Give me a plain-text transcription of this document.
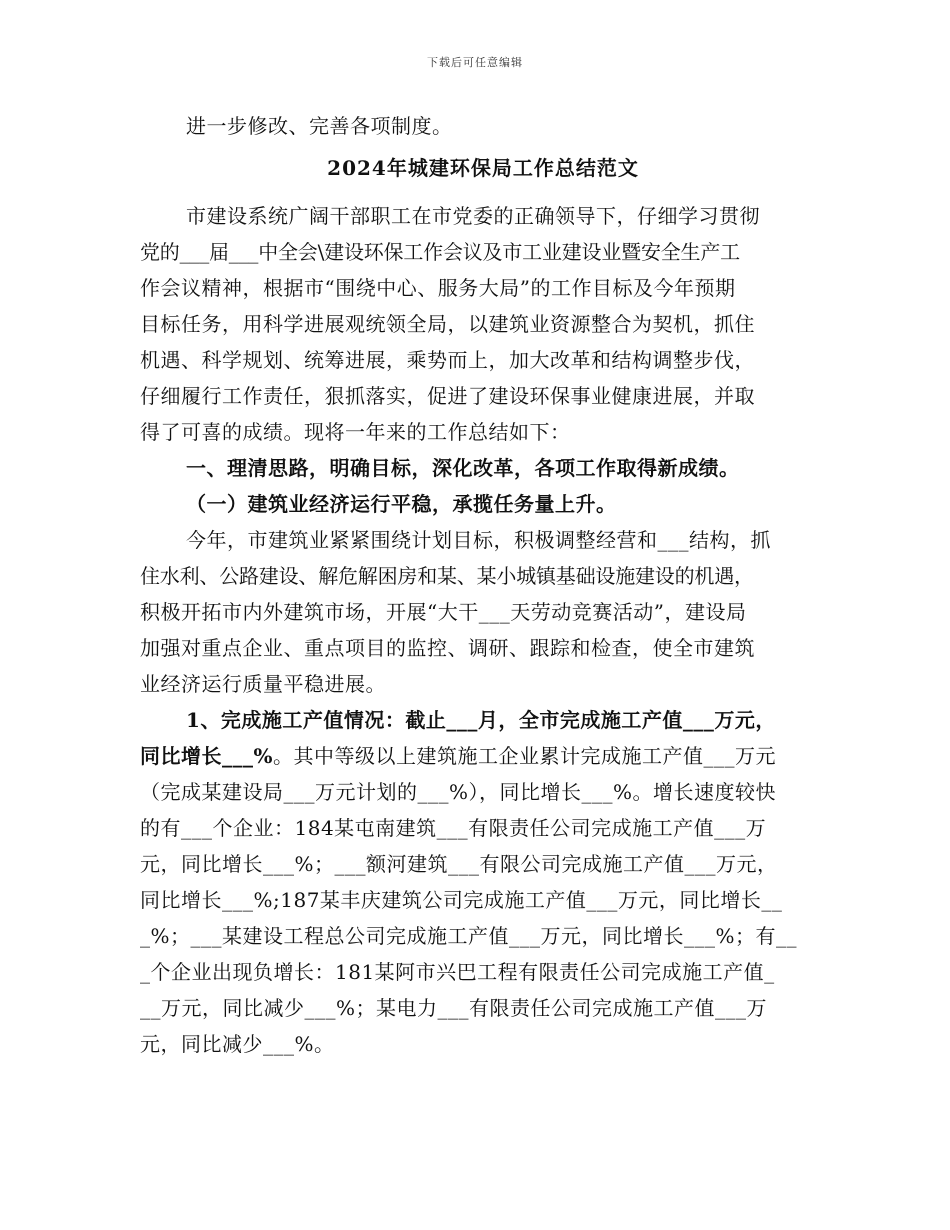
下载后可任意编辑
进一步修改、完善各项制度。
2024年城建环保局工作总结范文
市建设系统广阔干部职工在市党委的正确领导下，仔细学习贯彻
党的___届___中全会\建设环保工作会议及市工业建设业暨安全生产工
作会议精神，根据市“围绕中心、服务大局”的工作目标及今年预期
目标任务，用科学进展观统领全局，以建筑业资源整合为契机，抓住
机遇、科学规划、统筹进展，乘势而上，加大改革和结构调整步伐，
仔细履行工作责任，狠抓落实，促进了建设环保事业健康进展，并取
得了可喜的成绩。现将一年来的工作总结如下：
一、理清思路，明确目标，深化改革，各项工作取得新成绩。
（一）建筑业经济运行平稳，承揽任务量上升。
今年，市建筑业紧紧围绕计划目标，积极调整经营和___结构，抓
住水利、公路建设、解危解困房和某、某小城镇基础设施建设的机遇，
积极开拓市内外建筑市场，开展“大干___天劳动竞赛活动”，建设局
加强对重点企业、重点项目的监控、调研、跟踪和检查，使全市建筑
业经济运行质量平稳进展。
1、完成施工产值情况：截止___月，全市完成施工产值___万元，
同比增长___%。其中等级以上建筑施工企业累计完成施工产值___万元
（完成某建设局___万元计划的___%），同比增长___%。增长速度较快
的有___个企业：184某屯南建筑___有限责任公司完成施工产值___万
元，同比增长___%；___额河建筑___有限公司完成施工产值___万元，
同比增长___%;187某丰庆建筑公司完成施工产值___万元，同比增长__
_%；___某建设工程总公司完成施工产值___万元，同比增长___%；有__
_个企业出现负增长：181某阿市兴巴工程有限责任公司完成施工产值_
__万元，同比减少___%；某电力___有限责任公司完成施工产值___万
元，同比减少___%。
